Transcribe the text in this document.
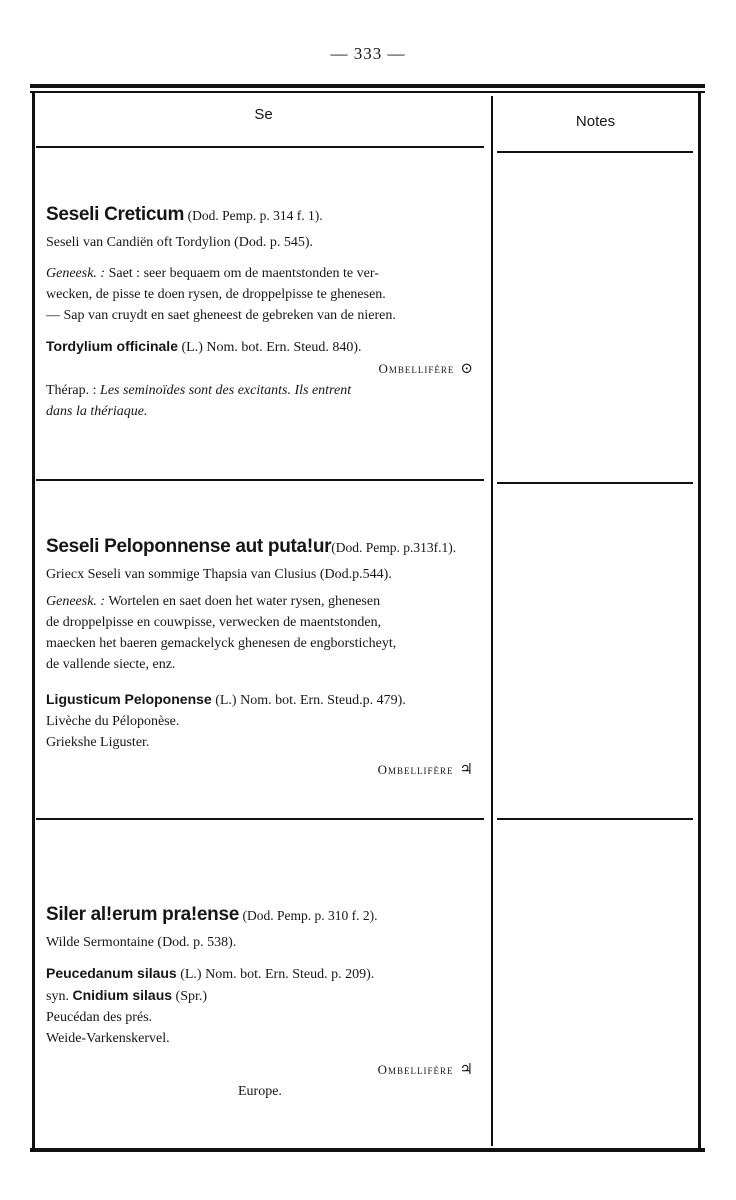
— 333 —
Se	Notes
Seseli Creticum (Dod. Pemp. p. 314 f. 1).
Seseli van Candiën oft Tordylion (Dod. p. 545).
Geneesk. : Saet : seer bequaem om de maentstonden te ver-
wecken, de pisse te doen rysen, de droppelpisse te ghenesen.
— Sap van cruydt en saet gheneest de gebreken van de nieren.
Tordylium officinale (L.) Nom. bot. Ern. Steud. 840).
Ombellifère ⊙
Thérap. : Les seminoïdes sont des excitants. Ils entrent
dans la thériaque.
Seseli Peloponnense aut puta!ur(Dod. Pemp. p.313f.1).
Griecx Seseli van sommige Thapsia van Clusius (Dod.p.544).
Geneesk. : Wortelen en saet doen het water rysen, ghenesen
de droppelpisse en couwpisse, verwecken de maentstonden,
maecken het baeren gemackelyck ghenesen de engborsticheyt,
de vallende siecte, enz.
Ligusticum Peloponense (L.) Nom. bot. Ern. Steud.p. 479).
Livèche du Péloponèse.
Griekshe Liguster.
Ombellifère ♃
Siler al!erum pra!ense (Dod. Pemp. p. 310 f. 2).
Wilde Sermontaine (Dod. p. 538).
Peucedanum silaus (L.) Nom. bot. Ern. Steud. p. 209).
syn. Cnidium silaus (Spr.)
Peucédan des prés.
Weide-Varkenskervel.
Ombellifère ♃
Europe.
